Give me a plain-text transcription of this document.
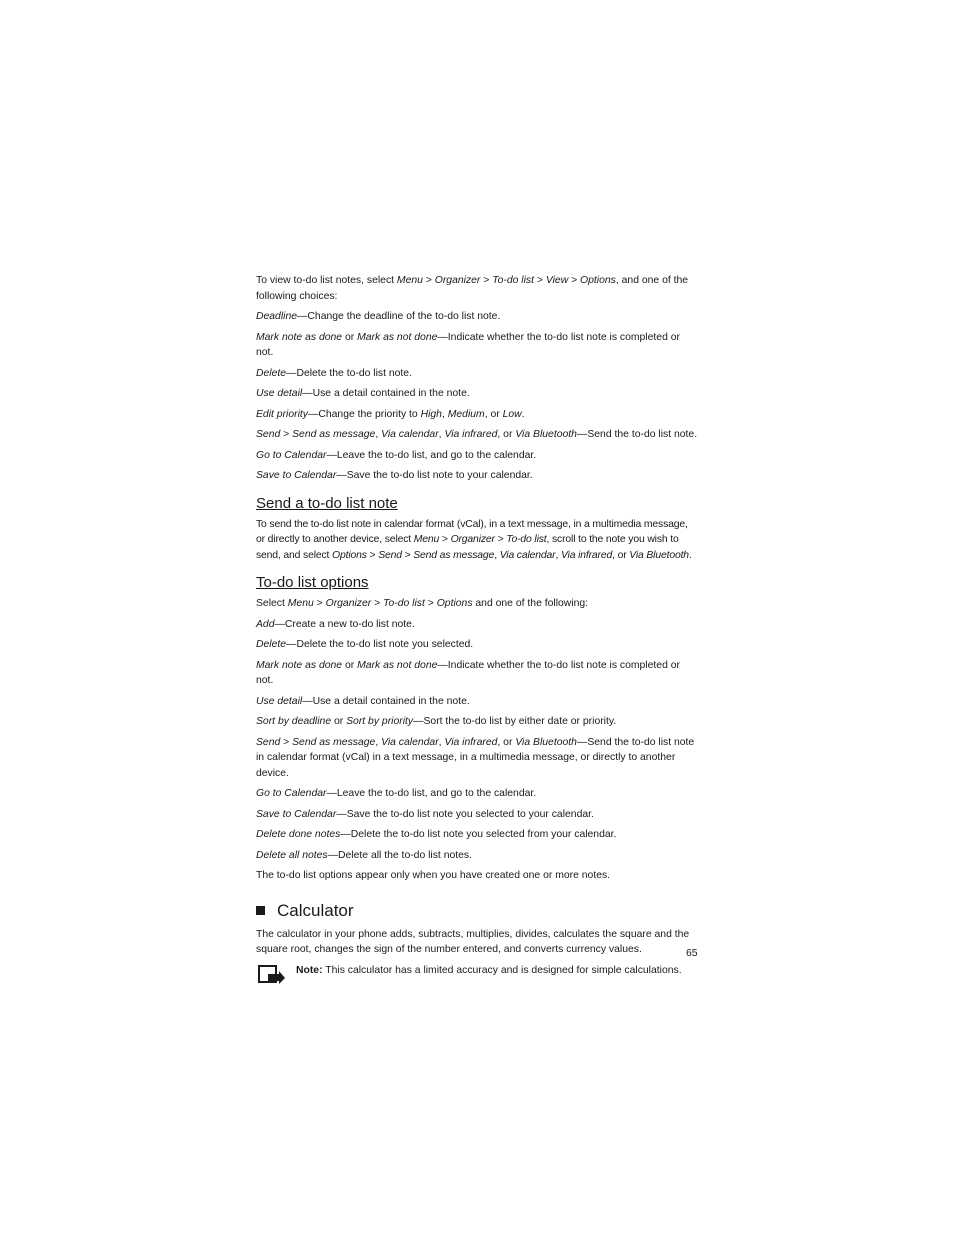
To view to-do list notes, select Menu > Organizer > To-do list > View > Options, and one of the following choices:

Deadline—Change the deadline of the to-do list note.

Mark note as done or Mark as not done—Indicate whether the to-do list note is completed or not.

Delete—Delete the to-do list note.

Use detail—Use a detail contained in the note.

Edit priority—Change the priority to High, Medium, or Low.

Send > Send as message, Via calendar, Via infrared, or Via Bluetooth—Send the to-do list note.

Go to Calendar—Leave the to-do list, and go to the calendar.

Save to Calendar—Save the to-do list note to your calendar.

Send a to-do list note

To send the to-do list note in calendar format (vCal), in a text message, in a multimedia message, or directly to another device, select Menu > Organizer > To-do list, scroll to the note you wish to send, and select Options > Send > Send as message, Via calendar, Via infrared, or Via Bluetooth.

To-do list options

Select Menu > Organizer > To-do list > Options and one of the following:

Add—Create a new to-do list note.

Delete—Delete the to-do list note you selected.

Mark note as done or Mark as not done—Indicate whether the to-do list note is completed or not.

Use detail—Use a detail contained in the note.

Sort by deadline or Sort by priority—Sort the to-do list by either date or priority.

Send > Send as message, Via calendar, Via infrared, or Via Bluetooth—Send the to-do list note in calendar format (vCal) in a text message, in a multimedia message, or directly to another device.

Go to Calendar—Leave the to-do list, and go to the calendar.

Save to Calendar—Save the to-do list note you selected to your calendar.

Delete done notes—Delete the to-do list note you selected from your calendar.

Delete all notes—Delete all the to-do list notes.

The to-do list options appear only when you have created one or more notes.

Calculator

The calculator in your phone adds, subtracts, multiplies, divides, calculates the square and the square root, changes the sign of the number entered, and converts currency values.

Note: This calculator has a limited accuracy and is designed for simple calculations.

65
